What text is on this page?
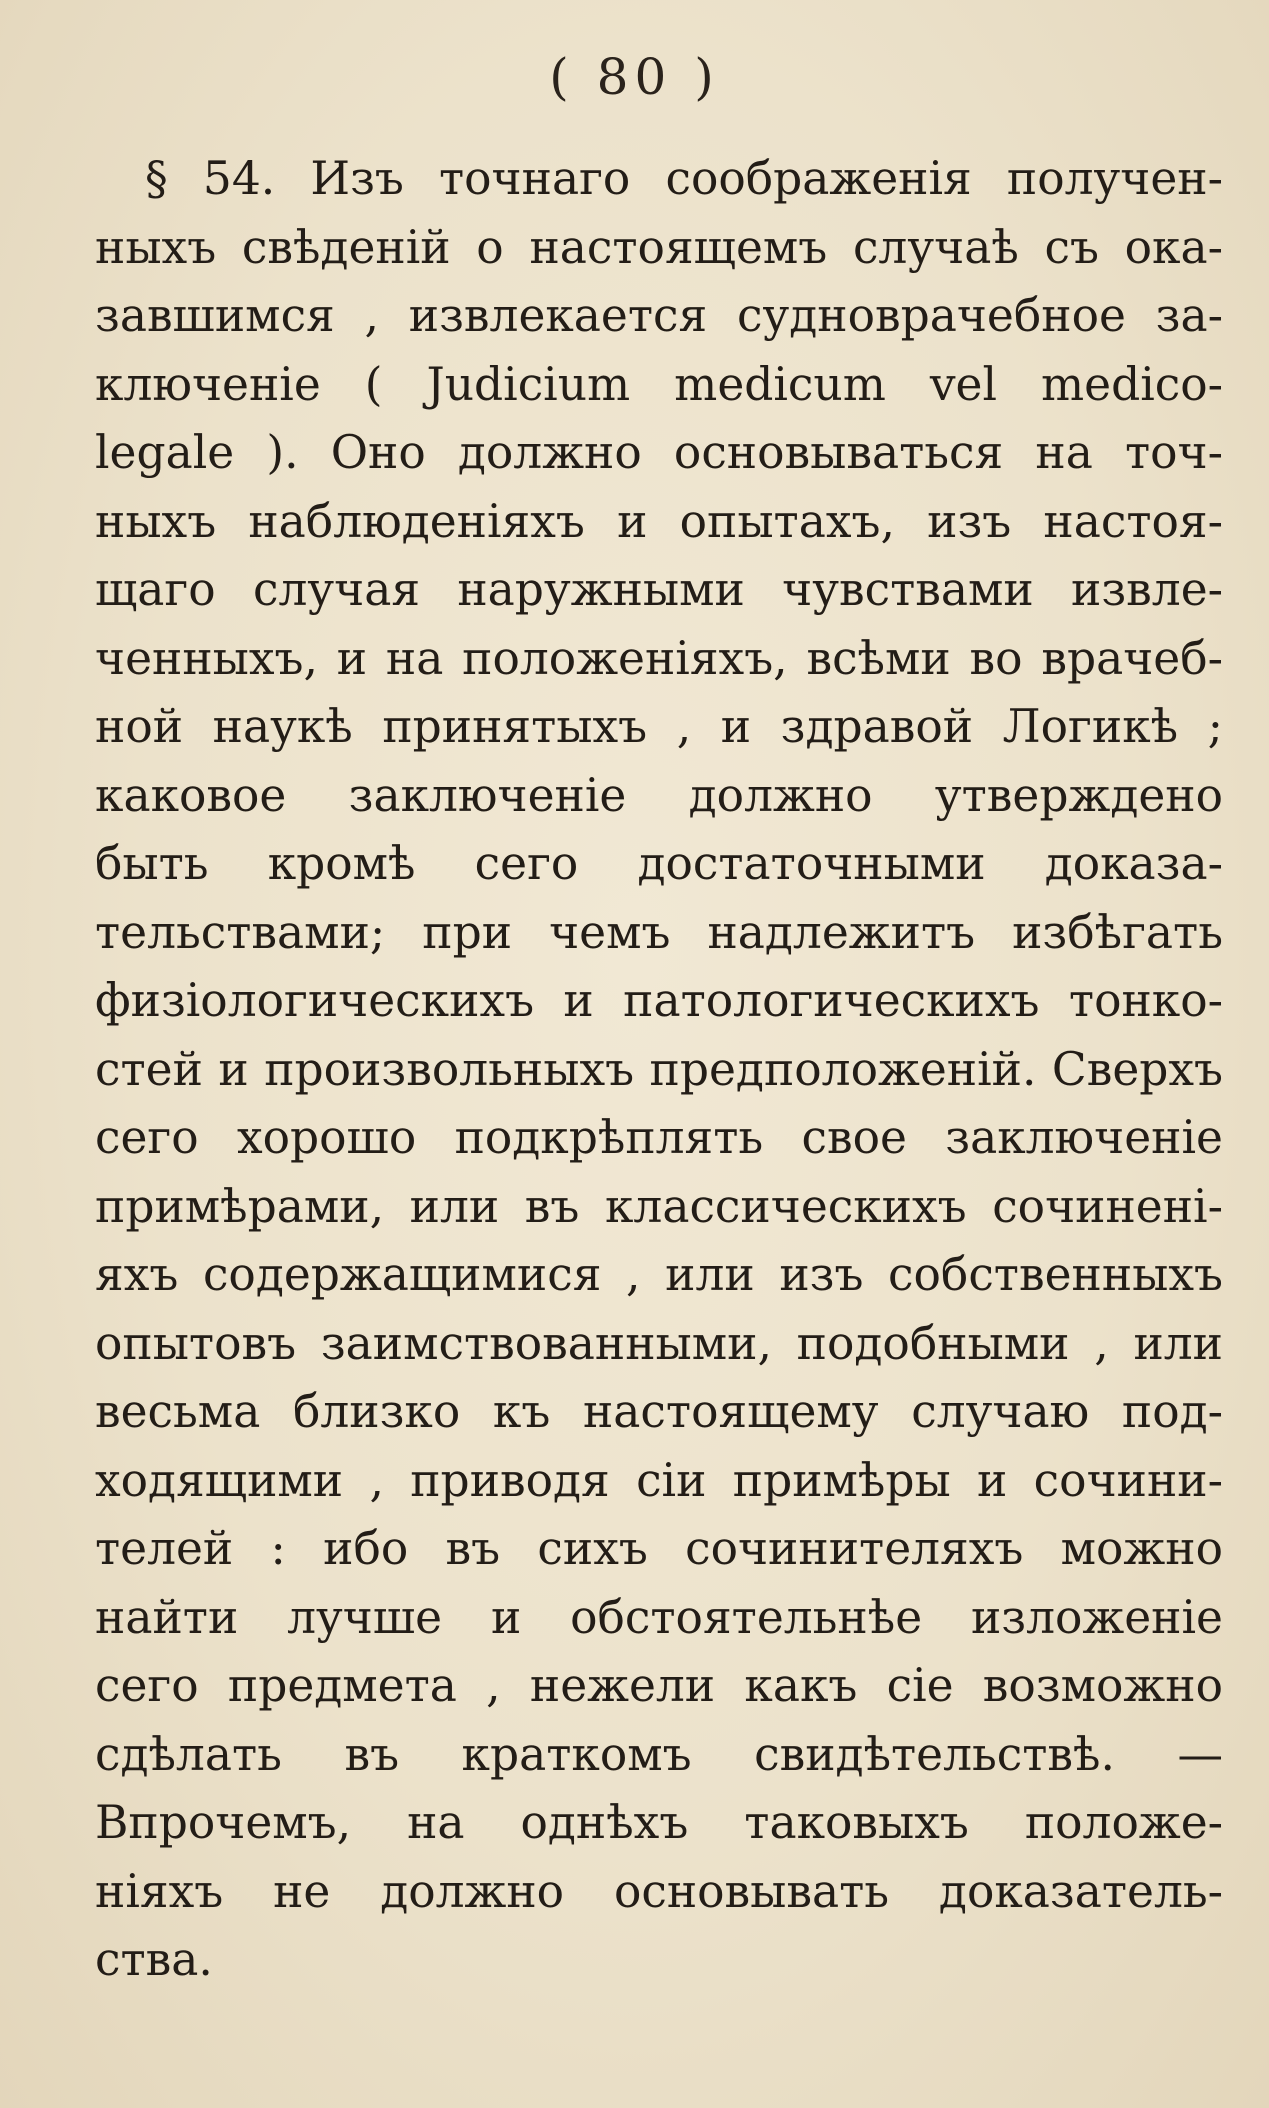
( 80 )
§ 54. Изъ точнаго соображенія получен-
ныхъ свѣденій о настоящемъ случаѣ съ ока-
завшимся , извлекается судноврачебное за-
ключеніе ( Judicium medicum vel medico-
legale ). Оно должно основываться на точ-
ныхъ наблюденіяхъ и опытахъ, изъ настоя-
щаго случая наружными чувствами извле-
ченныхъ, и на положеніяхъ, всѣми во врачеб-
ной наукѣ принятыхъ , и здравой Логикѣ ;
каковое заключеніе должно утверждено
быть кромѣ сего достаточными доказа-
тельствами; при чемъ надлежитъ избѣгать
физіологическихъ и патологическихъ тонко-
стей и произвольныхъ предположеній. Сверхъ
сего хорошо подкрѣплять свое заключеніе
примѣрами, или въ классическихъ сочинені-
яхъ содержащимися , или изъ собственныхъ
опытовъ заимствованными, подобными , или
весьма близко къ настоящему случаю под-
ходящими , приводя сіи примѣры и сочини-
телей : ибо въ сихъ сочинителяхъ можно
найти лучше и обстоятельнѣе изложеніе
сего предмета , нежели какъ сіе возможно
сдѣлать въ краткомъ свидѣтельствѣ. —
Впрочемъ, на однѣхъ таковыхъ положе-
ніяхъ не должно основывать доказатель-
ства.
